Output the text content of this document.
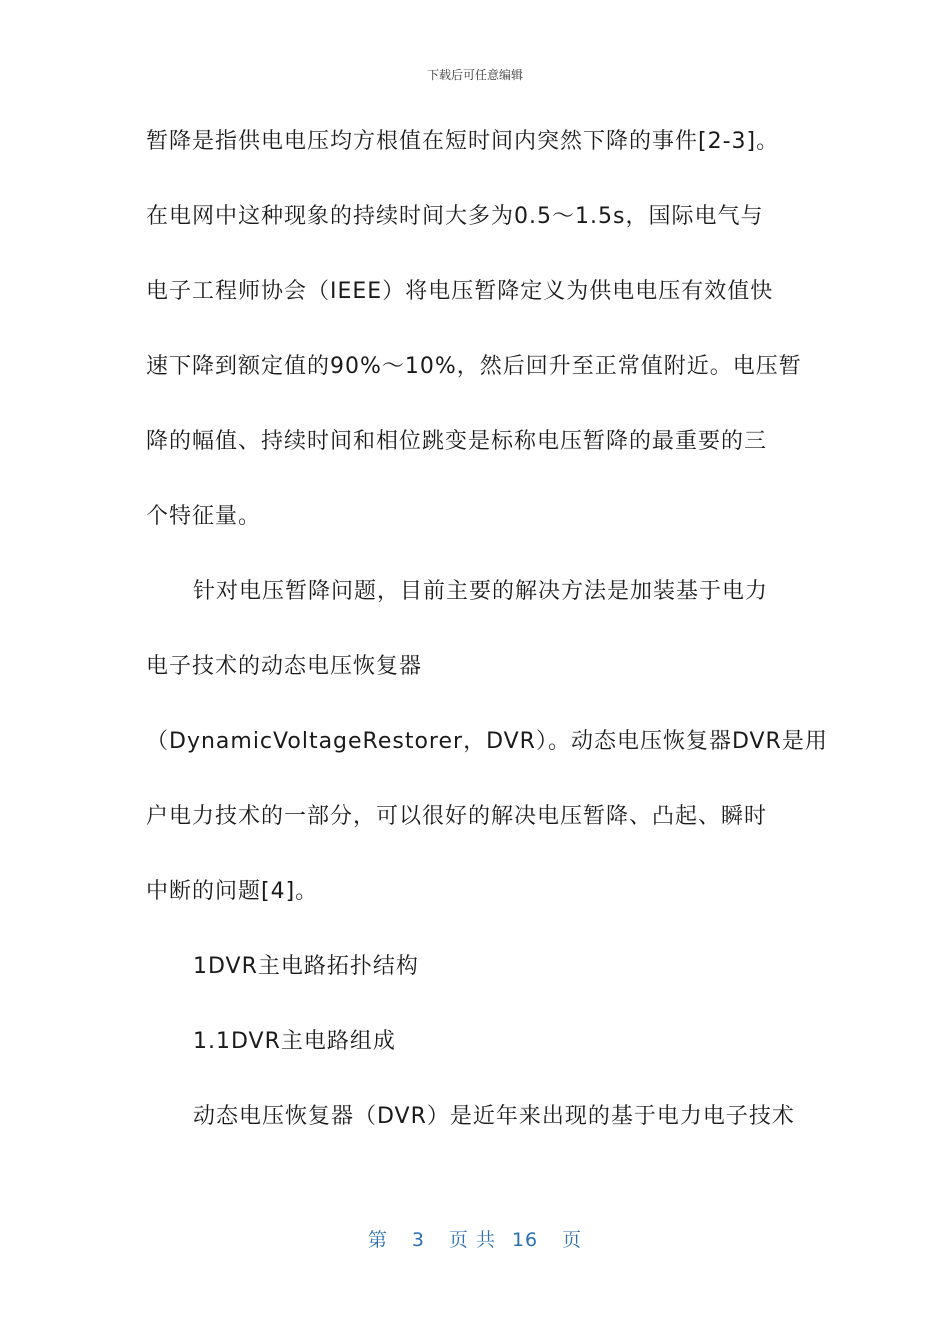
下载后可任意编辑
暂降是指供电电压均方根值在短时间内突然下降的事件[2-3]。
在电网中这种现象的持续时间大多为0.5～1.5s，国际电气与
电子工程师协会（IEEE）将电压暂降定义为供电电压有效值快
速下降到额定值的90%～10%，然后回升至正常值附近。电压暂
降的幅值、持续时间和相位跳变是标称电压暂降的最重要的三
个特征量。
针对电压暂降问题，目前主要的解决方法是加装基于电力
电子技术的动态电压恢复器
（DynamicVoltageRestorer，DVR）。动态电压恢复器DVR是用
户电力技术的一部分，可以很好的解决电压暂降、凸起、瞬时
中断的问题[4]。
1DVR主电路拓扑结构
1.1DVR主电路组成
动态电压恢复器（DVR）是近年来出现的基于电力电子技术
第 3 页 共 16 页
